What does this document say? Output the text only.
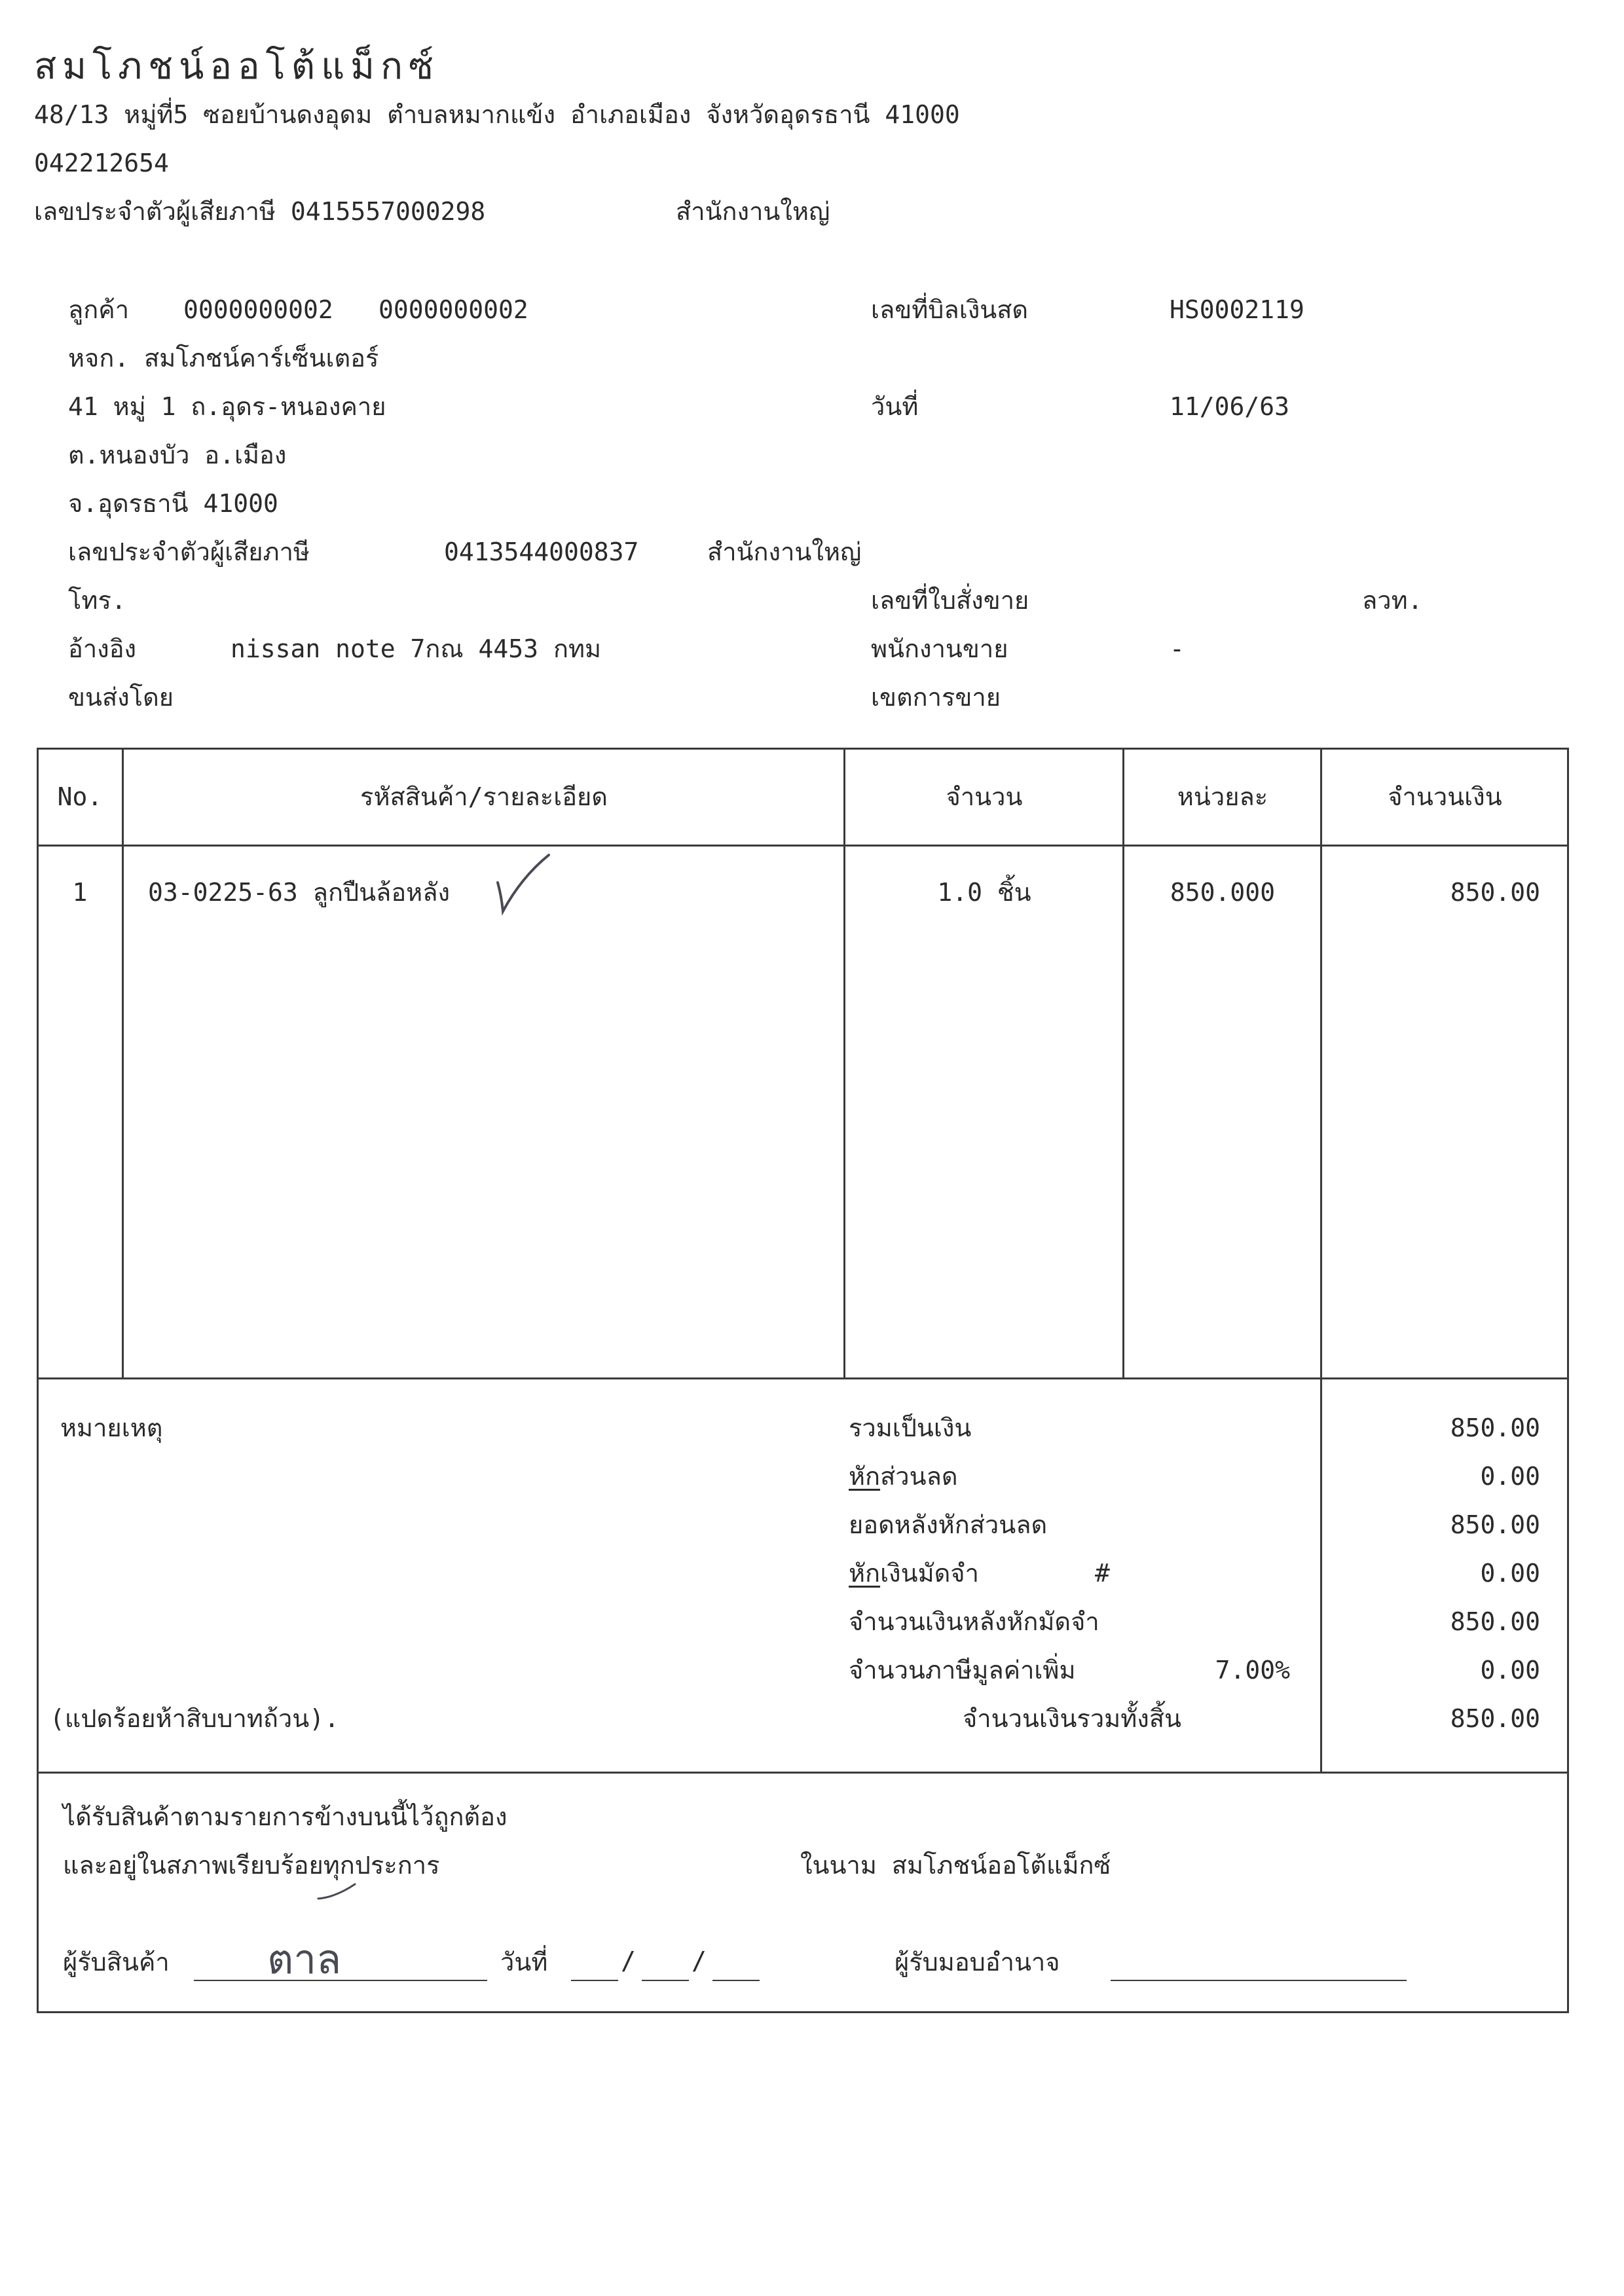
สมโภชน์ออโต้แม็กซ์
48/13 หมู่ที่5 ซอยบ้านดงอุดม ตำบลหมากแข้ง อำเภอเมือง จังหวัดอุดรธานี 41000
042212654
เลขประจำตัวผู้เสียภาษี 0415557000298	สำนักงานใหญ่
ลูกค้า 0000000002 0000000002
หจก. สมโภชน์คาร์เซ็นเตอร์
41 หมู่ 1 ถ.อุดร-หนองคาย
ต.หนองบัว อ.เมือง
จ.อุดรธานี 41000
เลขประจำตัวผู้เสียภาษี	0413544000837	สำนักงานใหญ่
โทร.
อ้างอิง	nissan note 7กณ 4453 กทม
ขนส่งโดย
เลขที่บิลเงินสด	HS0002119
วันที่	11/06/63
เลขที่ใบสั่งขาย	ลวท.
พนักงานขาย	-
เขตการขาย
No.	รหัสสินค้า/รายละเอียด	จำนวน	หน่วยละ	จำนวนเงิน
1	03-0225-63 ลูกปืนล้อหลัง	1.0 ชิ้น	850.000	850.00
หมายเหตุ	รวมเป็นเงิน	850.00
หักส่วนลด	0.00
ยอดหลังหักส่วนลด	850.00
หักเงินมัดจำ	#	0.00
จำนวนเงินหลังหักมัดจำ	850.00
จำนวนภาษีมูลค่าเพิ่ม	7.00%	0.00
(แปดร้อยห้าสิบบาทถ้วน).	จำนวนเงินรวมทั้งสิ้น	850.00
ได้รับสินค้าตามรายการข้างบนนี้ไว้ถูกต้อง
และอยู่ในสภาพเรียบร้อยทุกประการ	ในนาม สมโภชน์ออโต้แม็กซ์
ผู้รับสินค้า ตาล	วันที่	/ /	ผู้รับมอบอำนาจ
